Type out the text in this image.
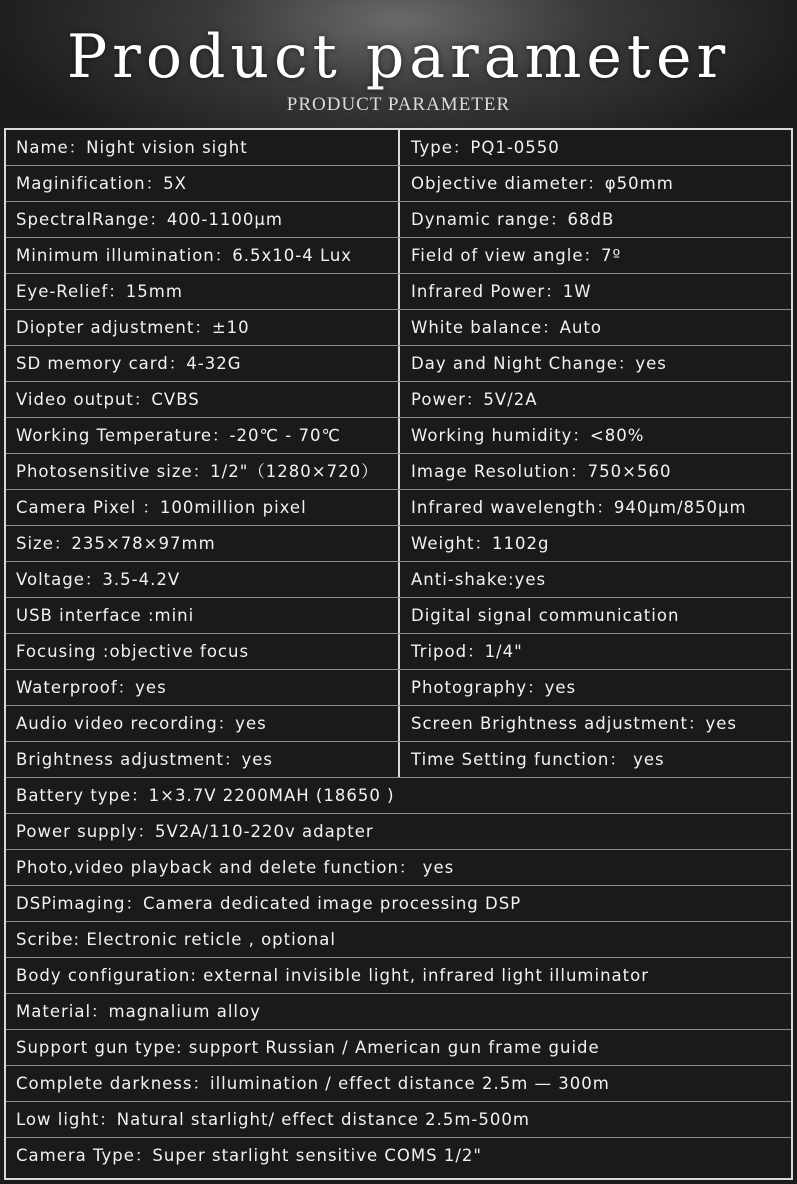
Product parameter
PRODUCT PARAMETER
Name：Night vision sight	Type：PQ1-0550
Maginification：5X	Objective diameter：φ50mm
SpectralRange：400-1100μm	Dynamic range：68dB
Minimum illumination：6.5x10-4 Lux	Field of view angle：7º
Eye-Relief：15mm	Infrared Power：1W
Diopter adjustment：±10	White balance：Auto
SD memory card：4-32G	Day and Night Change：yes
Video output：CVBS	Power：5V/2A
Working Temperature：-20℃ - 70℃	Working humidity：<80%
Photosensitive size：1/2"（1280×720）	Image Resolution：750×560
Camera Pixel ：100million pixel	Infrared wavelength：940μm/850μm
Size：235×78×97mm	Weight：1102g
Voltage：3.5-4.2V	Anti-shake:yes
USB interface :mini	Digital signal communication
Focusing :objective focus	Tripod：1/4"
Waterproof：yes	Photography：yes
Audio video recording：yes	Screen Brightness adjustment：yes
Brightness adjustment：yes	Time Setting function： yes
Battery type：1×3.7V 2200MAH (18650 )
Power supply：5V2A/110-220v adapter
Photo,video playback and delete function： yes
DSPimaging：Camera dedicated image processing DSP
Scribe: Electronic reticle , optional
Body configuration: external invisible light, infrared light illuminator
Material：magnalium alloy
Support gun type: support Russian / American gun frame guide
Complete darkness：illumination / effect distance 2.5m — 300m
Low light：Natural starlight/ effect distance 2.5m-500m
Camera Type：Super starlight sensitive COMS 1/2"
